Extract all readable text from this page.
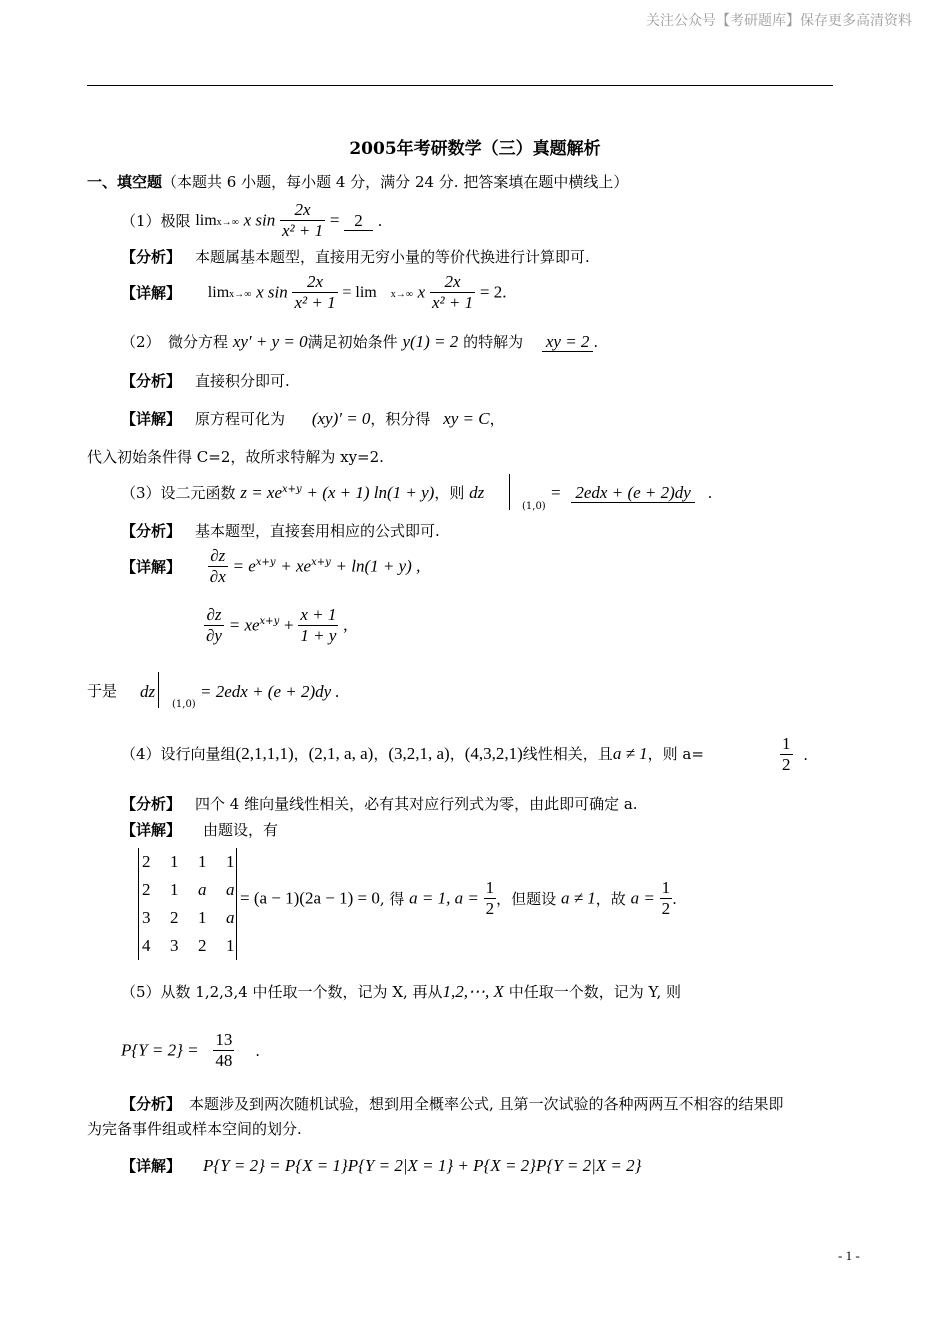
关注公众号【考研题库】保存更多高清资料
2005年考研数学（三）真题解析
一、填空题（本题共 6 小题，每小题 4 分，满分 24 分. 把答案填在题中横线上）
（1）极限 limx→∞ x $\sin \frac{2x}{\text{x² + 1}} = 2$ .
【分析】 本题属基本题型，直接用无穷小量的等价代换进行计算即可.
【详解】 limx→∞ x $\sin \frac{2x}{\text{x² + 1}} = \lim x\to\infty$ x $\frac{2x}{\text{x² + 1}} = 2$.
（2）　微分方程 xy′ + y = 0满足初始条件 y(1) = 2 的特解为 xy = 2 .
【分析】 直接积分即可.
【详解】 原方程可化为 (xy)′ = 0，积分得 xy = C，
代入初始条件得 C=2，故所求特解为 xy=2.
（3）设二元函数 $z = xe^{x+y} + (x + 1) \ln(1 + y)$，则 dz
(1,0)
= 2edx + (e + 2)dy .
【分析】 基本题型，直接套用相应的公式即可.
【详解】 $\frac{\partial z}{\partial x} = e^{x+y} + xe^{x+y} + \ln(1 + y)$ ,
$\frac{\partial z}{\partial y} = xe^{x+y} + \frac{x + 1}{1 + y}$ ,
于是 dz
(1,0)
= 2edx + (e + 2)dy .
（4）设行向量组(2,1,1,1)，(2,1, a, a)，(3,2,1, a)，(4,3,2,1)线性相关，且a ≠ 1，则 a=	$\frac{1}{2}$ .
【分析】 四个 4 维向量线性相关，必有其对应行列式为零，由此即可确定 a.
【详解】 由题设，有
2 1 1 1
2 1 a a
3 2 1 a
4 3 2 1
= (a − 1)(2a − 1) = 0, 得 a = 1, $a = \frac{1}{2}$ ，但题设 a ≠ 1，故 $a = \frac{1}{2}$ .
（5）从数 1,2,3,4 中任取一个数，记为 X, 再从1,2,⋯, X 中任取一个数，记为 Y, 则
$P\{Y = 2\} = \frac{13}{48}$ .
【分析】 本题涉及到两次随机试验，想到用全概率公式, 且第一次试验的各种两两互不相容的结果即
为完备事件组或样本空间的划分.
【详解】 P{Y = 2} = P{X = 1}P{Y = 2|X = 1} + P{X = 2}P{Y = 2|X = 2}
- 1 -
